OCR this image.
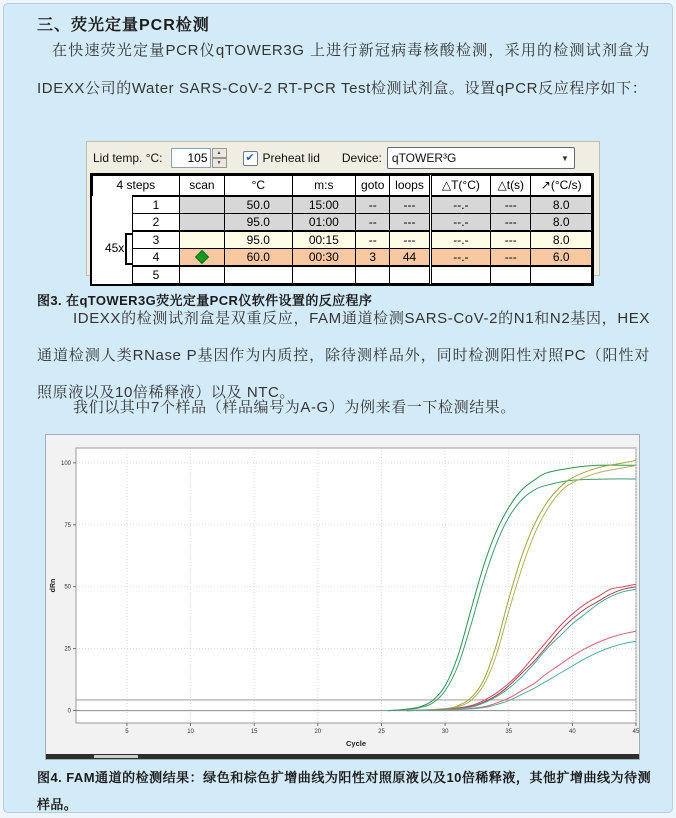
三、荧光定量PCR检测
在快速荧光定量PCR仪qTOWER3G 上进行新冠病毒核酸检测，采用的检测试剂盒为IDEXX公司的Water SARS-CoV-2 RT-PCR Test检测试剂盒。设置qPCR反应程序如下：
Lid temp. °C:
105	▲
▼	✔ Preheat lid Device: qTOWER³G	▼
4 steps		scan	°C	m:s	goto	loops	△T(°C)	△t(s)	↗(°C/s)
	1		50.0	15:00	--	---	--.-	---	8.0
	2		95.0	01:00	--	---	--.-	---	8.0

45x	3		95.0	00:15	--	---	--.-	---	8.0
	4		60.0	00:30	3	44	--.-	---	6.0
	5								
图3. 在qTOWER3G荧光定量PCR仪软件设置的反应程序
IDEXX的检测试剂盒是双重反应，FAM通道检测SARS-CoV-2的N1和N2基因，HEX通道检测人类RNase P基因作为内质控，除待测样品外，同时检测阳性对照PC（阳性对照原液以及10倍稀释液）以及 NTC。
我们以其中7个样品（样品编号为A-G）为例来看一下检测结果。
5	10	15	20	25	30	35	40	45
0
25
50
75
100
Cycle
dRn
图4. FAM通道的检测结果：绿色和棕色扩增曲线为阳性对照原液以及10倍稀释液，其他扩增曲线为待测样品。
